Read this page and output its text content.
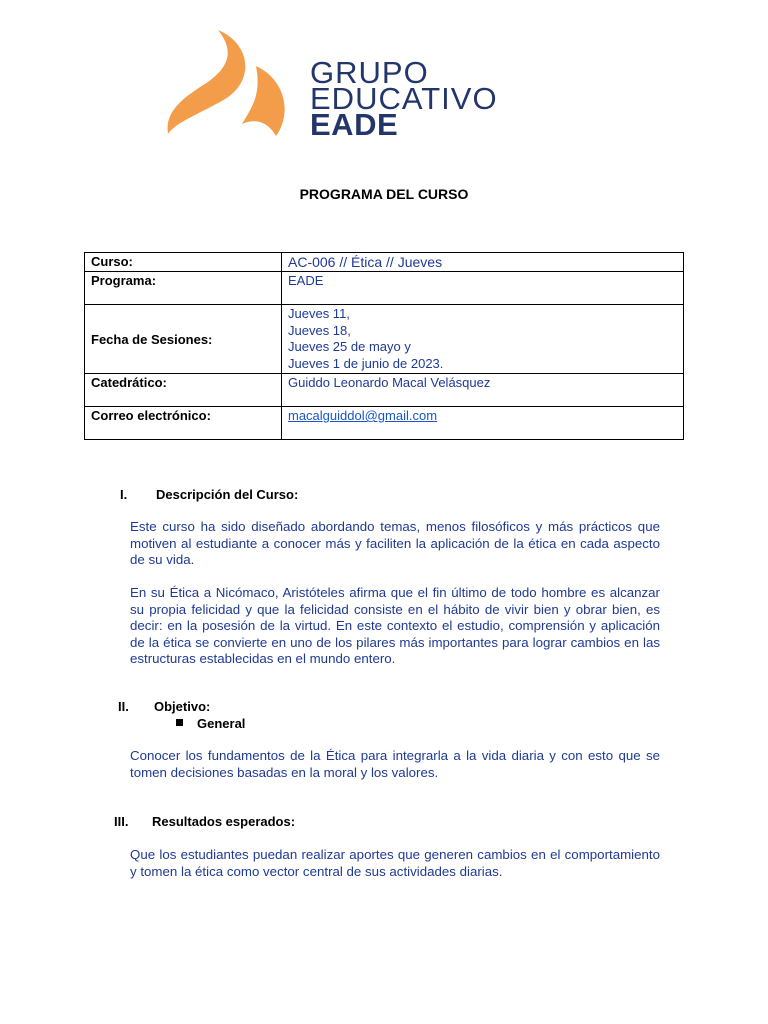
GRUPO
EDUCATIVO
EADE
PROGRAMA DEL CURSO
Curso:	AC-006 // Ética // Jueves
Programa:	EADE
Fecha de Sesiones:	Jueves 11,
Jueves 18,
Jueves 25 de mayo y
Jueves 1 de junio de 2023.

Catedrático:	Guiddo Leonardo Macal Velásquez
Correo electrónico:	macalguiddol@gmail.com
I. Descripción del Curso:
Este curso ha sido diseñado abordando temas, menos filosóficos y más prácticos que motiven al estudiante a conocer más y faciliten la aplicación de la ética en cada aspecto de su vida.
En su Ética a Nicómaco, Aristóteles afirma que el fin último de todo hombre es alcanzar su propia felicidad y que la felicidad consiste en el hábito de vivir bien y obrar bien, es decir: en la posesión de la virtud. En este contexto el estudio, comprensión y aplicación de la ética se convierte en uno de los pilares más importantes para lograr cambios en las estructuras establecidas en el mundo entero.
II. Objetivo:
General
Conocer los fundamentos de la Ética para integrarla a la vida diaria y con esto que se tomen decisiones basadas en la moral y los valores.
III. Resultados esperados:
Que los estudiantes puedan realizar aportes que generen cambios en el comportamiento y tomen la ética como vector central de sus actividades diarias.
